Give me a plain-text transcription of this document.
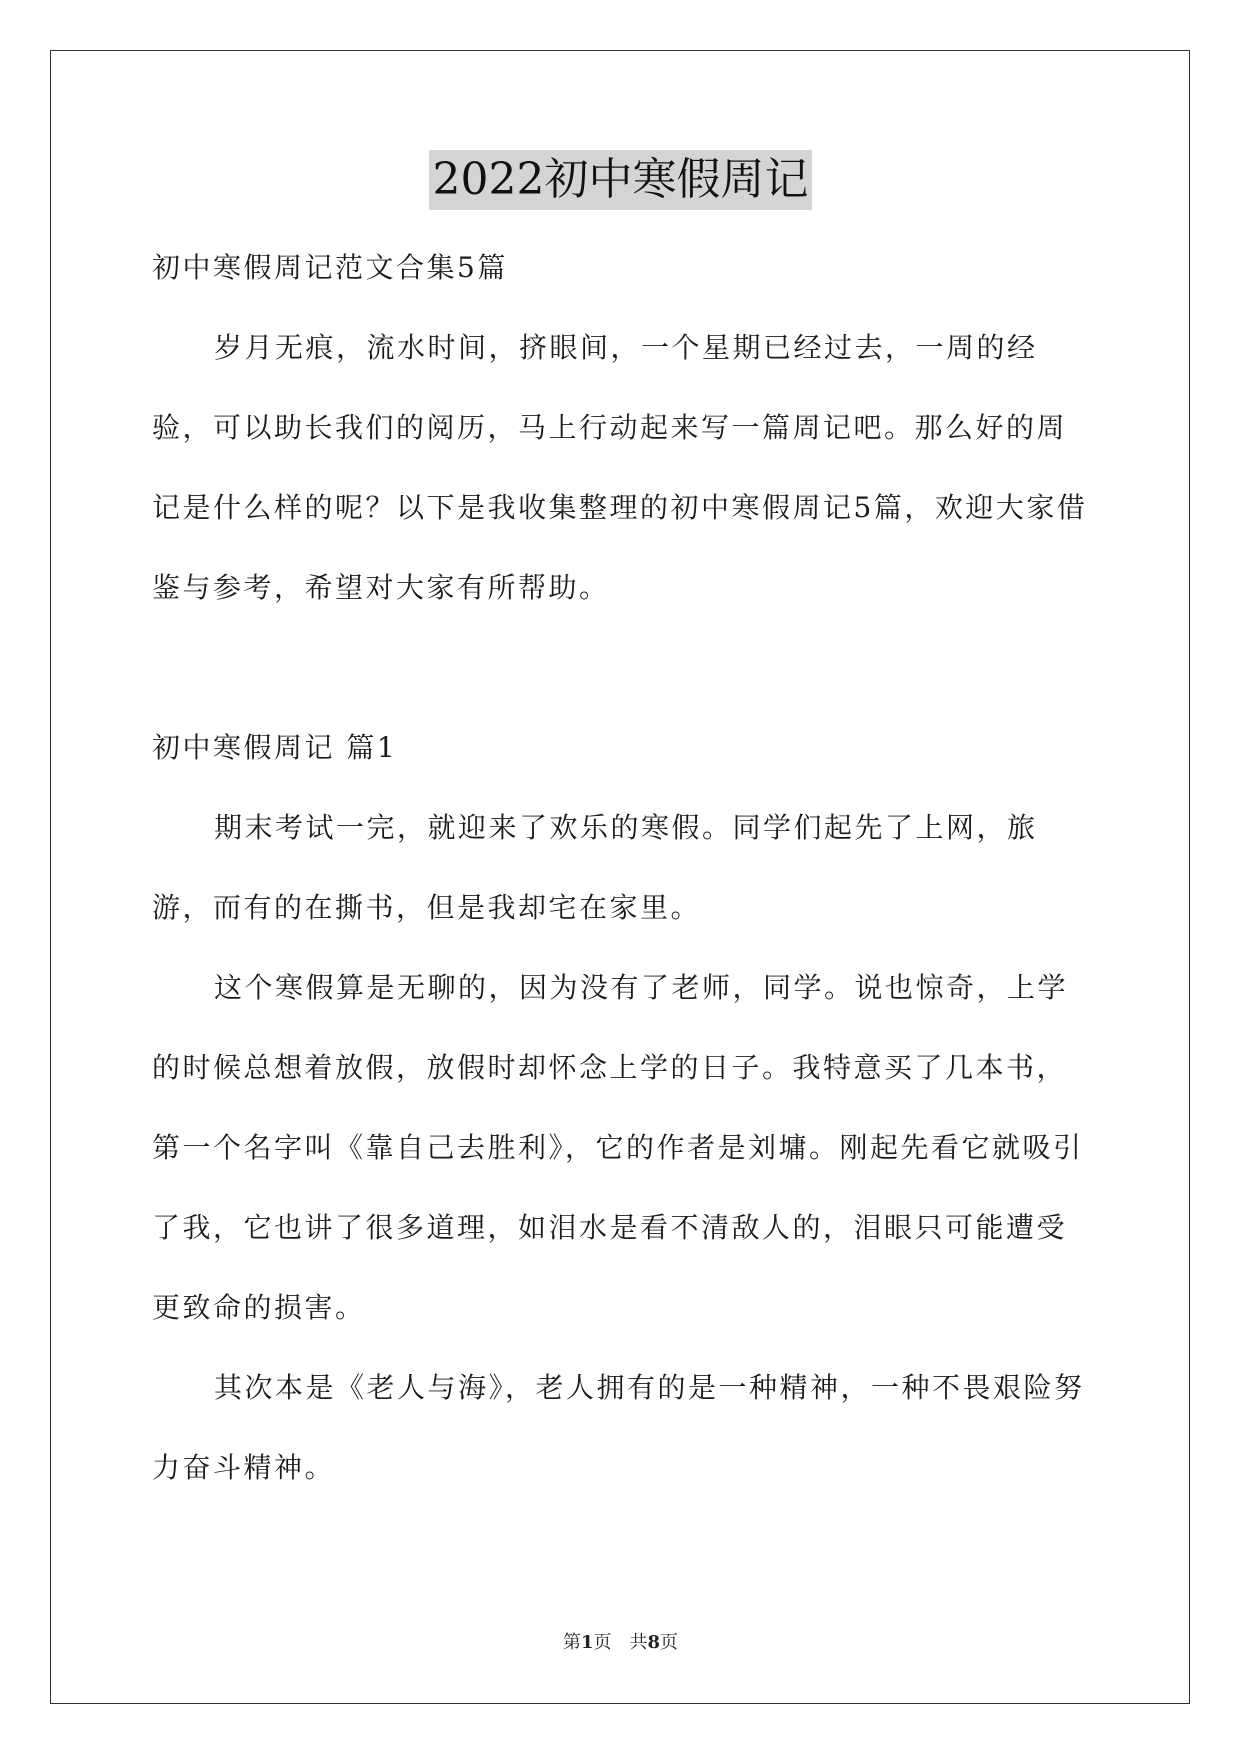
2022初中寒假周记

初中寒假周记范文合集5篇

岁月无痕，流水时间，挤眼间，一个星期已经过去，一周的经验，可以助长我们的阅历，马上行动起来写一篇周记吧。那么好的周记是什么样的呢？以下是我收集整理的初中寒假周记5篇，欢迎大家借鉴与参考，希望对大家有所帮助。

初中寒假周记 篇1

期末考试一完，就迎来了欢乐的寒假。同学们起先了上网，旅游，而有的在撕书，但是我却宅在家里。

这个寒假算是无聊的，因为没有了老师，同学。说也惊奇，上学的时候总想着放假，放假时却怀念上学的日子。我特意买了几本书，第一个名字叫《靠自己去胜利》，它的作者是刘墉。刚起先看它就吸引了我，它也讲了很多道理，如泪水是看不清敌人的，泪眼只可能遭受更致命的损害。

其次本是《老人与海》，老人拥有的是一种精神，一种不畏艰险努力奋斗精神。

第1页 共8页
